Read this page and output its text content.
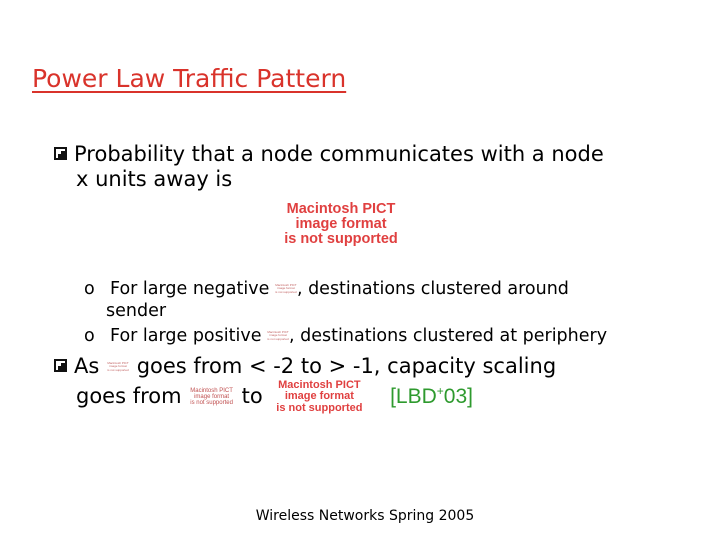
Power Law Traffic Pattern
Probability that a node communicates with a node
x units away is
Macintosh PICT
image format
is not supported
o For large negative Macintosh PICT
image format
is not supported, destinations clustered around
sender
o For large positive Macintosh PICT
image format
is not supported, destinations clustered at periphery
As	Macintosh PICT
image format
is not supported goes from < -2 to > -1, capacity scaling
goes from Macintosh PICT
image format
is not supported to Macintosh PICT
image format
is not supported [LBD+03]
Wireless Networks Spring 2005
